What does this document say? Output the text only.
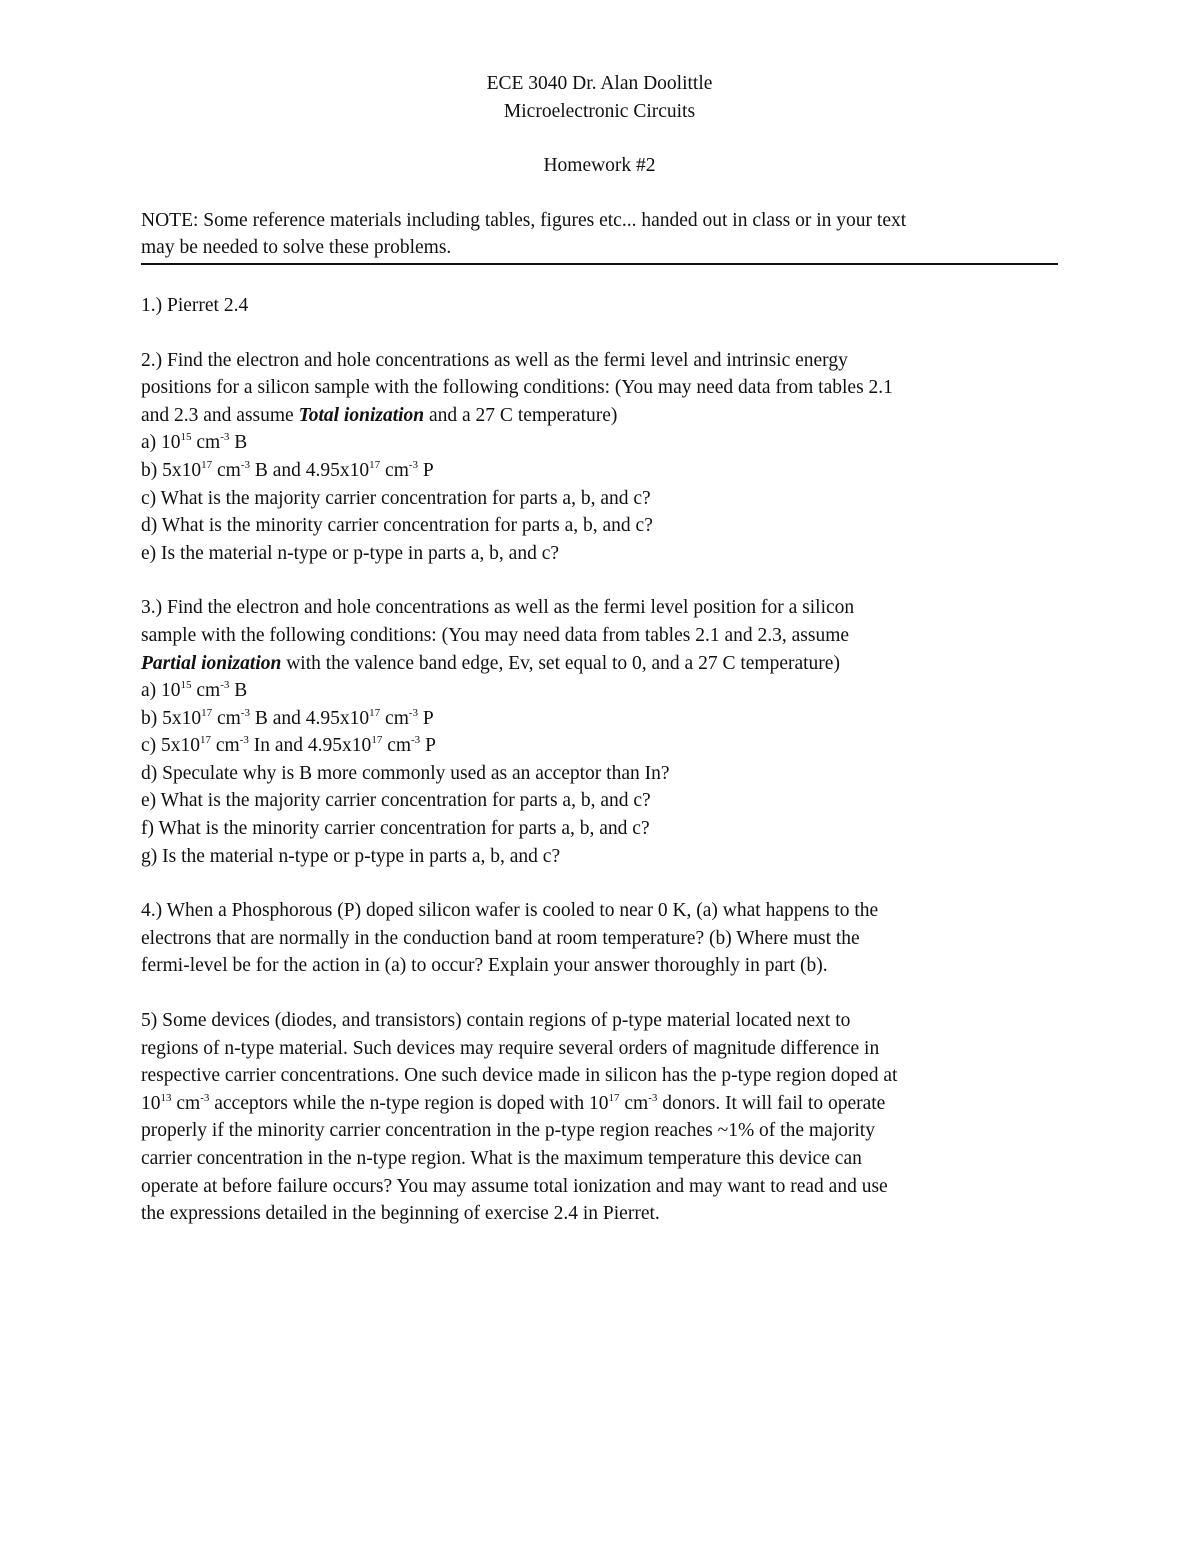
ECE 3040 Dr. Alan Doolittle
Microelectronic Circuits
Homework #2
NOTE: Some reference materials including tables, figures etc... handed out in class or in your text
may be needed to solve these problems.
1.) Pierret 2.4
2.) Find the electron and hole concentrations as well as the fermi level and intrinsic energy
positions for a silicon sample with the following conditions: (You may need data from tables 2.1
and 2.3 and assume Total ionization and a 27 C temperature)
a) $10^{15}$ $cm^{-3}$ B
b) $5x10^{17}$ $cm^{-3}$ B and $4.95x10^{17}$ $cm^{-3}$ P
c) What is the majority carrier concentration for parts a, b, and c?
d) What is the minority carrier concentration for parts a, b, and c?
e) Is the material n-type or p-type in parts a, b, and c?
3.) Find the electron and hole concentrations as well as the fermi level position for a silicon
sample with the following conditions: (You may need data from tables 2.1 and 2.3, assume
Partial ionization with the valence band edge, Ev, set equal to 0, and a 27 C temperature)
a) $10^{15}$ $cm^{-3}$ B
b) $5x10^{17}$ $cm^{-3}$ B and $4.95x10^{17}$ $cm^{-3}$ P
c) $5x10^{17}$ $cm^{-3}$ In and $4.95x10^{17}$ $cm^{-3}$ P
d) Speculate why is B more commonly used as an acceptor than In?
e) What is the majority carrier concentration for parts a, b, and c?
f) What is the minority carrier concentration for parts a, b, and c?
g) Is the material n-type or p-type in parts a, b, and c?
4.) When a Phosphorous (P) doped silicon wafer is cooled to near 0 K, (a) what happens to the
electrons that are normally in the conduction band at room temperature? (b) Where must the
fermi-level be for the action in (a) to occur? Explain your answer thoroughly in part (b).
5) Some devices (diodes, and transistors) contain regions of p-type material located next to
regions of n-type material. Such devices may require several orders of magnitude difference in
respective carrier concentrations. One such device made in silicon has the p-type region doped at
$10^{13}$ $cm^{-3}$ acceptors while the n-type region is doped with $10^{17}$ $cm^{-3}$ donors. It will fail to operate
properly if the minority carrier concentration in the p-type region reaches ~1% of the majority
carrier concentration in the n-type region. What is the maximum temperature this device can
operate at before failure occurs? You may assume total ionization and may want to read and use
the expressions detailed in the beginning of exercise 2.4 in Pierret.
